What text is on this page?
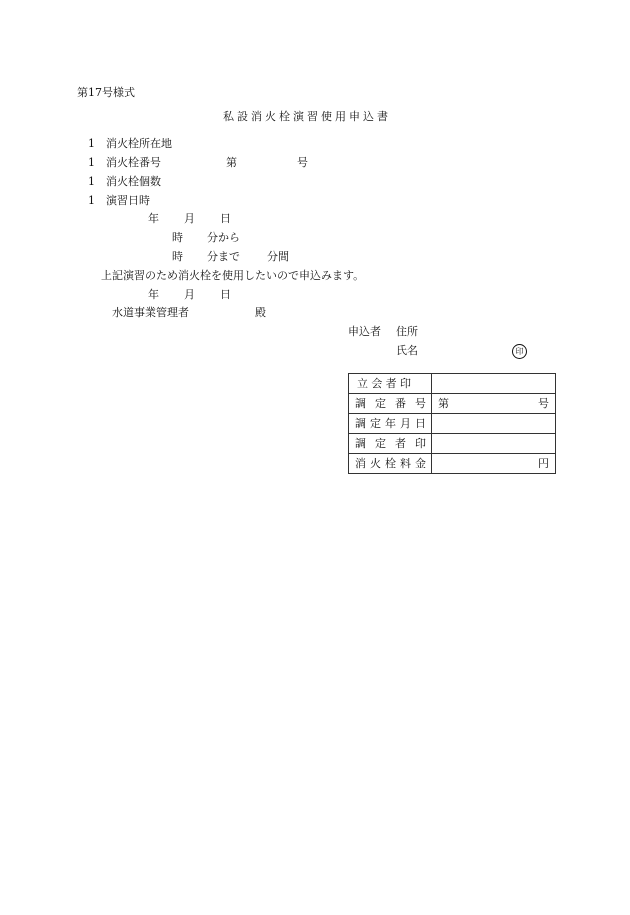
第17号様式
私設消火栓演習使用申込書
1 消火栓所在地
1 消火栓番号	第	号
1 消火栓個数
1 演習日時
年 月 日
時 分から
時 分まで 分間
上記演習のため消火栓を使用したいので申込みます。
年 月 日
水道事業管理者	殿
申込者 住所
氏名	印
立 会 者 印	

調 定 番 号	第 号

調 定 年 月 日	

調 定 者 印	

消 火 栓 料 金	円
